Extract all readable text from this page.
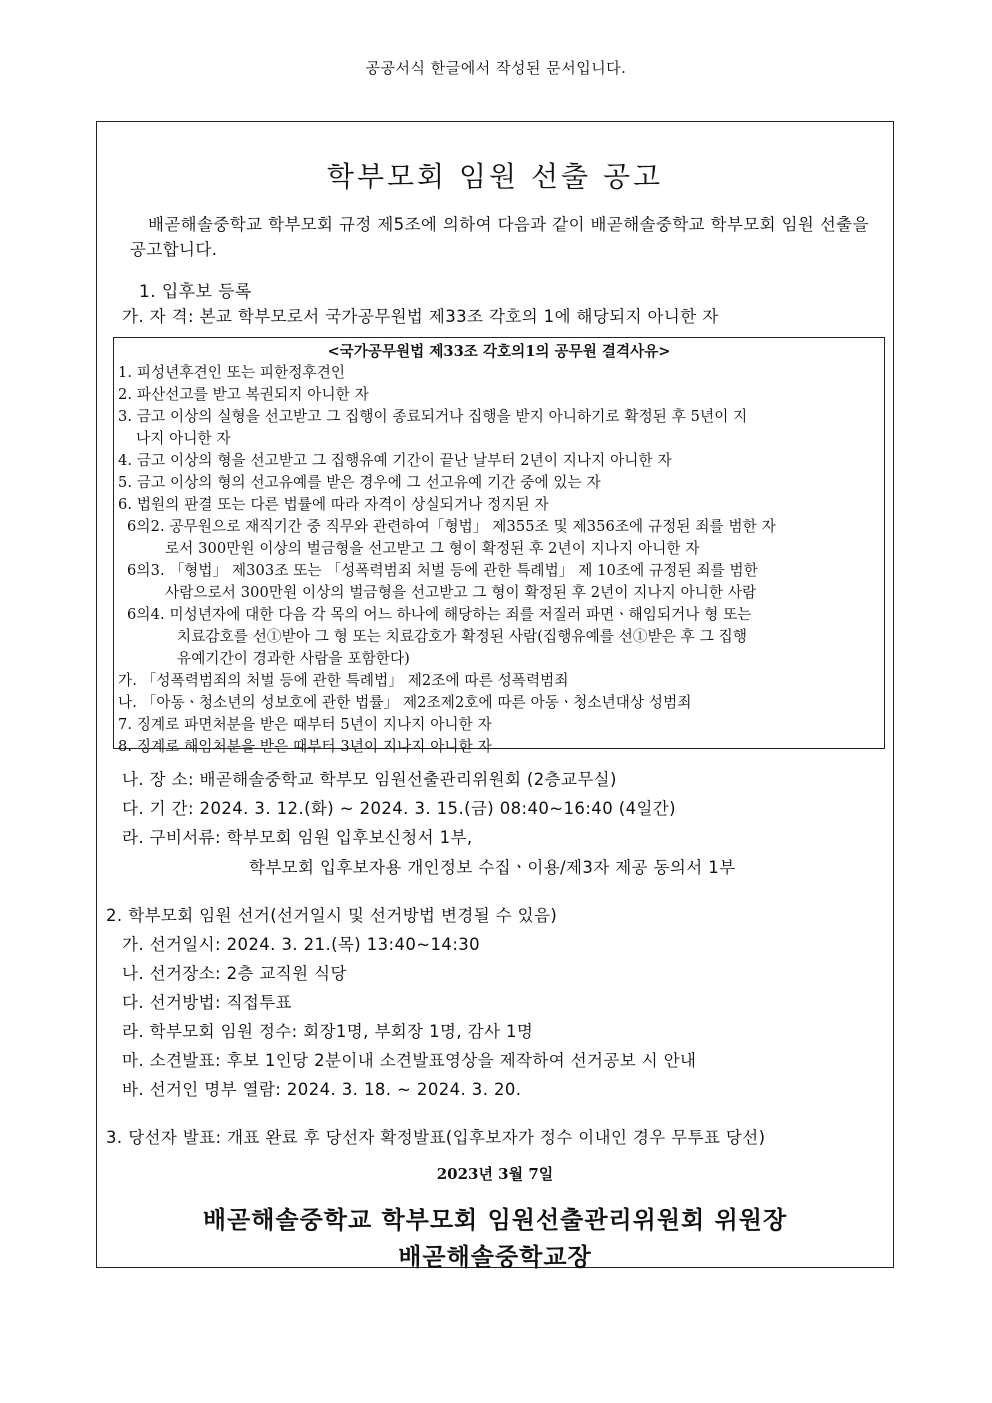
공공서식 한글에서 작성된 문서입니다.
학부모회 임원 선출 공고
배곧해솔중학교 학부모회 규정 제5조에 의하여 다음과 같이 배곧해솔중학교 학부모회 임원 선출을 공고합니다.
1. 입후보 등록
가. 자 격: 본교 학부모로서 국가공무원법 제33조 각호의 1에 해당되지 아니한 자
<국가공무원법 제33조 각호의1의 공무원 결격사유>
1. 피성년후견인 또는 피한정후견인
2. 파산선고를 받고 복권되지 아니한 자
3. 금고 이상의 실형을 선고받고 그 집행이 종료되거나 집행을 받지 아니하기로 확정된 후 5년이 지
나지 아니한 자
4. 금고 이상의 형을 선고받고 그 집행유예 기간이 끝난 날부터 2년이 지나지 아니한 자
5. 금고 이상의 형의 선고유예를 받은 경우에 그 선고유예 기간 중에 있는 자
6. 법원의 판결 또는 다른 법률에 따라 자격이 상실되거나 정지된 자
6의2. 공무원으로 재직기간 중 직무와 관련하여「형법」 제355조 및 제356조에 규정된 죄를 범한 자
로서 300만원 이상의 벌금형을 선고받고 그 형이 확정된 후 2년이 지나지 아니한 자
6의3. 「형법」 제303조 또는 「성폭력범죄 처벌 등에 관한 특례법」 제 10조에 규정된 죄를 범한
사람으로서 300만원 이상의 벌금형을 선고받고 그 형이 확정된 후 2년이 지나지 아니한 사람
6의4. 미성년자에 대한 다음 각 목의 어느 하나에 해당하는 죄를 저질러 파면ㆍ해임되거나 형 또는
치료감호를 선①받아 그 형 또는 치료감호가 확정된 사람(집행유예를 선①받은 후 그 집행
유예기간이 경과한 사람을 포함한다)
가. 「성폭력범죄의 처벌 등에 관한 특례법」 제2조에 따른 성폭력범죄
나. 「아동ㆍ청소년의 성보호에 관한 법률」 제2조제2호에 따른 아동ㆍ청소년대상 성범죄
7. 징계로 파면처분을 받은 때부터 5년이 지나지 아니한 자
8. 징계로 해임처분을 받은 때부터 3년이 지나지 아니한 자
나. 장 소: 배곧해솔중학교 학부모 임원선출관리위원회 (2층교무실)
다. 기 간: 2024. 3. 12.(화) ~ 2024. 3. 15.(금) 08:40~16:40 (4일간)
라. 구비서류: 학부모회 임원 입후보신청서 1부,
학부모회 입후보자용 개인정보 수집ㆍ이용/제3자 제공 동의서 1부
2. 학부모회 임원 선거(선거일시 및 선거방법 변경될 수 있음)
가. 선거일시: 2024. 3. 21.(목) 13:40~14:30
나. 선거장소: 2층 교직원 식당
다. 선거방법: 직접투표
라. 학부모회 임원 정수: 회장1명, 부회장 1명, 감사 1명
마. 소견발표: 후보 1인당 2분이내 소견발표영상을 제작하여 선거공보 시 안내
바. 선거인 명부 열람: 2024. 3. 18. ~ 2024. 3. 20.
3. 당선자 발표: 개표 완료 후 당선자 확정발표(입후보자가 정수 이내인 경우 무투표 당선)
2023년 3월 7일
배곧해솔중학교 학부모회 임원선출관리위원회 위원장
배곧해솔중학교장
